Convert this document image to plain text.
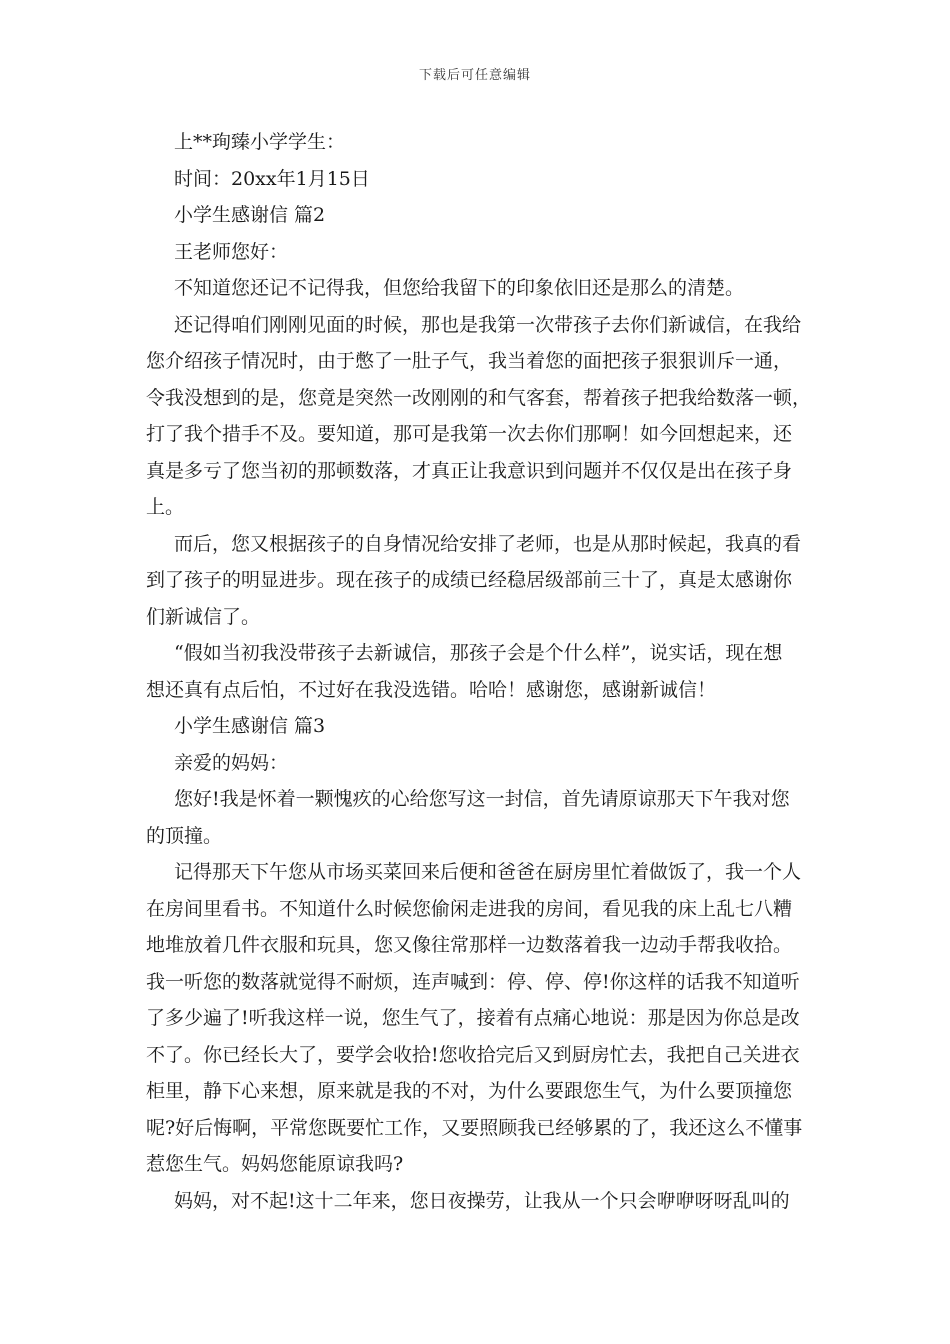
下载后可任意编辑
上**珣臻小学学生：
时间：20xx年1月15日
小学生感谢信 篇2
王老师您好：
不知道您还记不记得我，但您给我留下的印象依旧还是那么的清楚。
还记得咱们刚刚见面的时候，那也是我第一次带孩子去你们新诚信，在我给
您介绍孩子情况时，由于憋了一肚子气，我当着您的面把孩子狠狠训斥一通，
令我没想到的是，您竟是突然一改刚刚的和气客套，帮着孩子把我给数落一顿，
打了我个措手不及。要知道，那可是我第一次去你们那啊！如今回想起来，还
真是多亏了您当初的那顿数落，才真正让我意识到问题并不仅仅是出在孩子身
上。
而后，您又根据孩子的自身情况给安排了老师，也是从那时候起，我真的看
到了孩子的明显进步。现在孩子的成绩已经稳居级部前三十了，真是太感谢你
们新诚信了。
“假如当初我没带孩子去新诚信，那孩子会是个什么样”，说实话，现在想
想还真有点后怕，不过好在我没选错。哈哈！感谢您，感谢新诚信！
小学生感谢信 篇3
亲爱的妈妈：
您好!我是怀着一颗愧疚的心给您写这一封信，首先请原谅那天下午我对您
的顶撞。
记得那天下午您从市场买菜回来后便和爸爸在厨房里忙着做饭了，我一个人
在房间里看书。不知道什么时候您偷闲走进我的房间，看见我的床上乱七八糟
地堆放着几件衣服和玩具，您又像往常那样一边数落着我一边动手帮我收拾。
我一听您的数落就觉得不耐烦，连声喊到：停、停、停!你这样的话我不知道听
了多少遍了!听我这样一说，您生气了，接着有点痛心地说：那是因为你总是改
不了。你已经长大了，要学会收拾!您收拾完后又到厨房忙去，我把自己关进衣
柜里，静下心来想，原来就是我的不对，为什么要跟您生气，为什么要顶撞您
呢?好后悔啊，平常您既要忙工作，又要照顾我已经够累的了，我还这么不懂事
惹您生气。妈妈您能原谅我吗?
妈妈，对不起!这十二年来，您日夜操劳，让我从一个只会咿咿呀呀乱叫的
